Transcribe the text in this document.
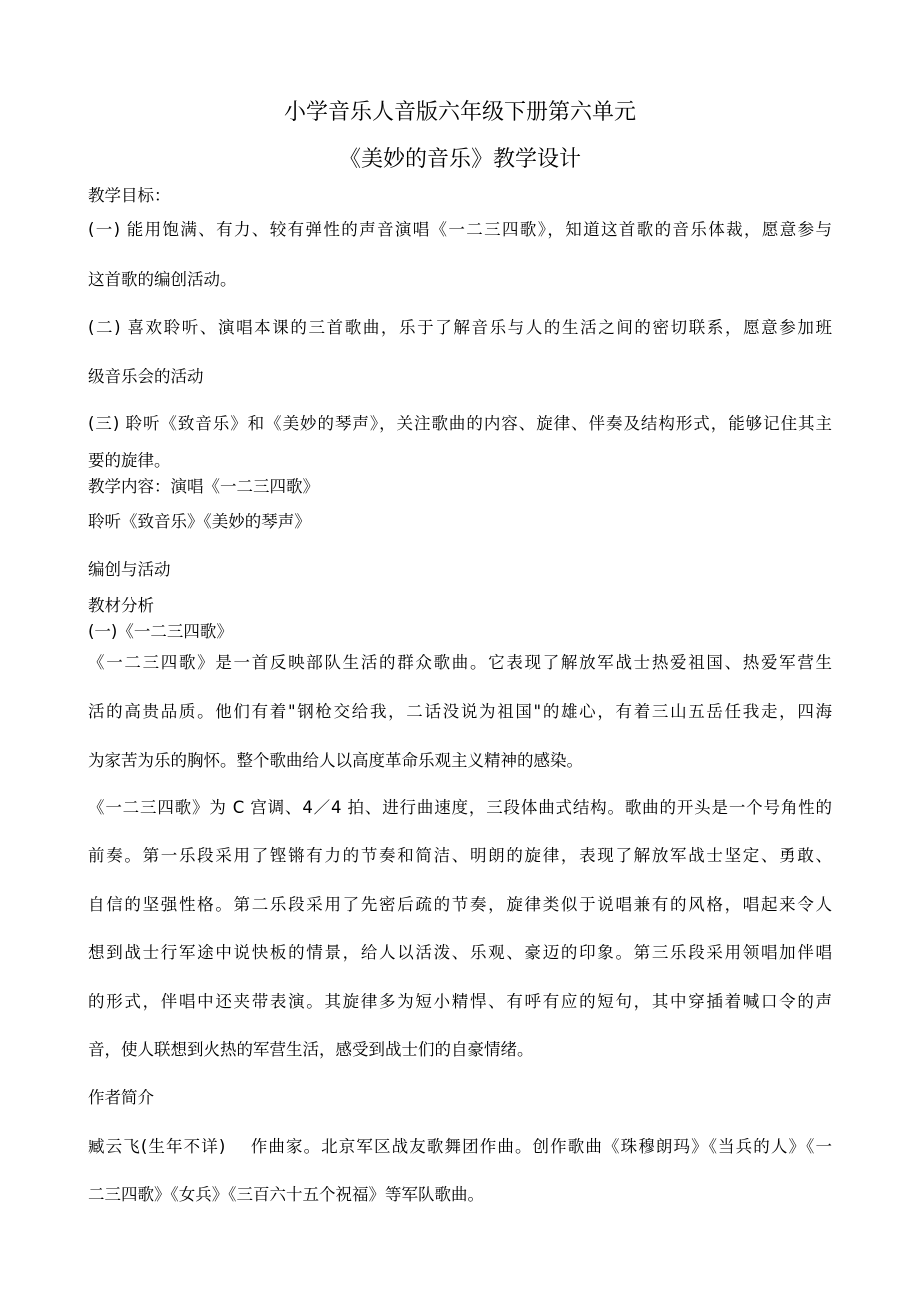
小学音乐人音版六年级下册第六单元
《美妙的音乐》教学设计
教学目标：
(一) 能用饱满、有力、较有弹性的声音演唱《一二三四歌》，知道这首歌的音乐体裁，愿意参与
这首歌的编创活动。
(二) 喜欢聆听、演唱本课的三首歌曲，乐于了解音乐与人的生活之间的密切联系，愿意参加班
级音乐会的活动
(三) 聆听《致音乐》和《美妙的琴声》，关注歌曲的内容、旋律、伴奏及结构形式，能够记住其主
要的旋律。
教学内容：演唱《一二三四歌》
聆听《致音乐》《美妙的琴声》
编创与活动
教材分析
(一)《一二三四歌》
《一二三四歌》是一首反映部队生活的群众歌曲。它表现了解放军战士热爱祖国、热爱军营生
活的高贵品质。他们有着"钢枪交给我，二话没说为祖国"的雄心，有着三山五岳任我走，四海
为家苦为乐的胸怀。整个歌曲给人以高度革命乐观主义精神的感染。
《一二三四歌》为 C 宫调、4／4 拍、进行曲速度，三段体曲式结构。歌曲的开头是一个号角性的
前奏。第一乐段采用了铿锵有力的节奏和简洁、明朗的旋律，表现了解放军战士坚定、勇敢、
自信的坚强性格。第二乐段采用了先密后疏的节奏，旋律类似于说唱兼有的风格，唱起来令人
想到战士行军途中说快板的情景，给人以活泼、乐观、豪迈的印象。第三乐段采用领唱加伴唱
的形式，伴唱中还夹带表演。其旋律多为短小精悍、有呼有应的短句，其中穿插着喊口令的声
音，使人联想到火热的军营生活，感受到战士们的自豪情绪。
作者简介
臧云飞(生年不详)    作曲家。北京军区战友歌舞团作曲。创作歌曲《珠穆朗玛》《当兵的人》《一
二三四歌》《女兵》《三百六十五个祝福》等军队歌曲。
